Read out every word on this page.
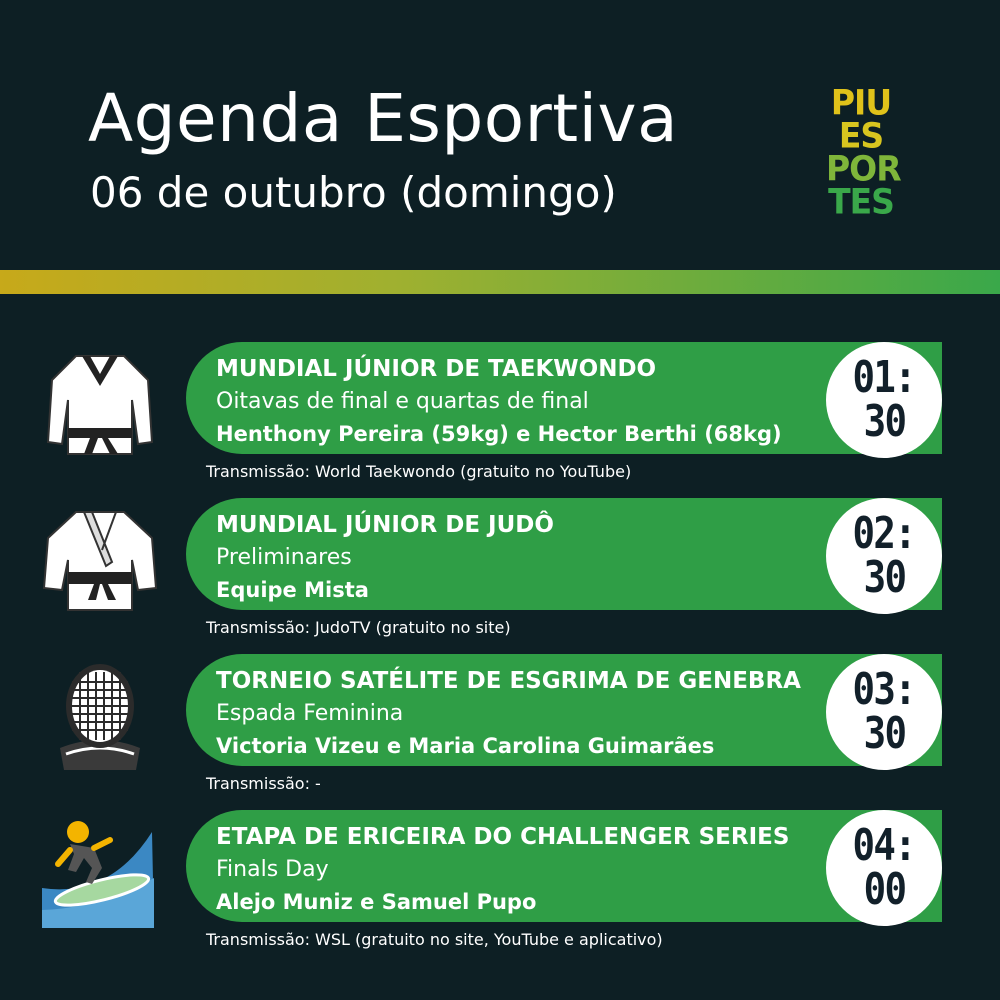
Agenda Esportiva
06 de outubro (domingo)
PIU
ES
POR
TES
MUNDIAL JÚNIOR DE TAEKWONDO
Oitavas de final e quartas de final
Henthony Pereira (59kg) e Hector Berthi (68kg)
01:
30
Transmissão: World Taekwondo (gratuito no YouTube)
MUNDIAL JÚNIOR DE JUDÔ
Preliminares
Equipe Mista
02:
30
Transmissão: JudoTV (gratuito no site)
TORNEIO SATÉLITE DE ESGRIMA DE GENEBRA
Espada Feminina
Victoria Vizeu e Maria Carolina Guimarães
03:
30
Transmissão: -
ETAPA DE ERICEIRA DO CHALLENGER SERIES
Finals Day
Alejo Muniz e Samuel Pupo
04:
00
Transmissão: WSL (gratuito no site, YouTube e aplicativo)
